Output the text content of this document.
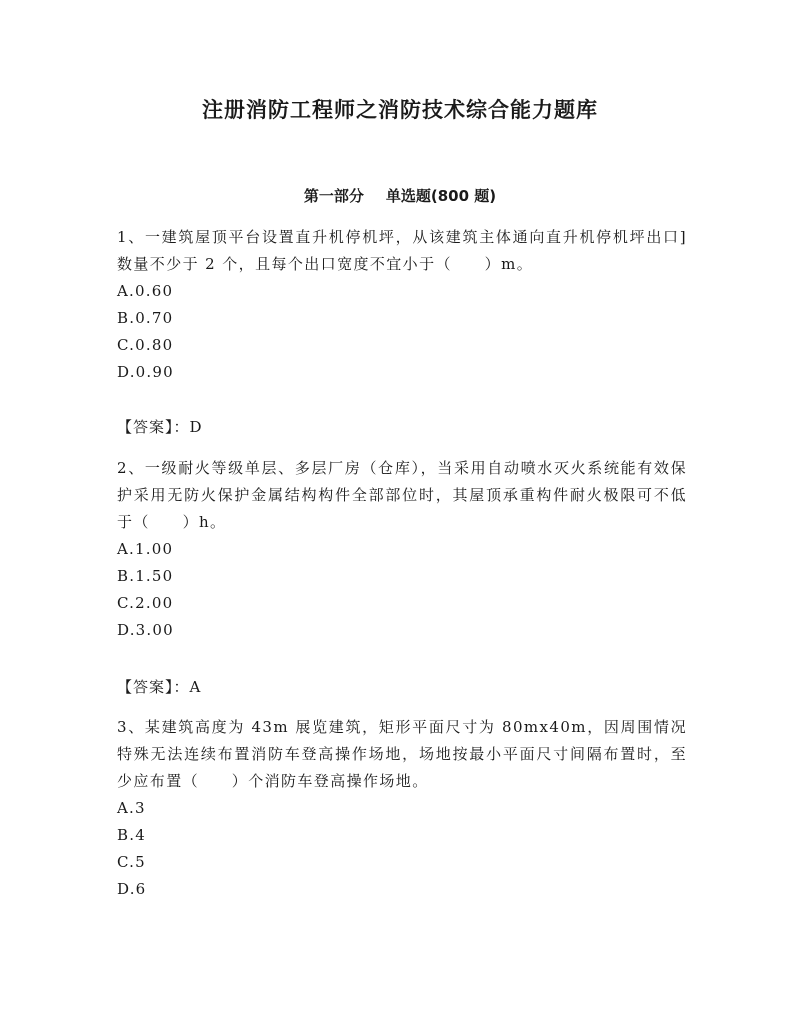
注册消防工程师之消防技术综合能力题库
第一部分 单选题(800 题)
1、一建筑屋顶平台设置直升机停机坪，从该建筑主体通向直升机停机坪出口]数量不少于 2 个，且每个出口宽度不宜小于（　　）m。
A.0.60
B.0.70
C.0.80
D.0.90
【答案】：D
2、一级耐火等级单层、多层厂房（仓库），当采用自动喷水灭火系统能有效保护采用无防火保护金属结构构件全部部位时，其屋顶承重构件耐火极限可不低于（　　）h。
A.1.00
B.1.50
C.2.00
D.3.00
【答案】：A
3、某建筑高度为 43m 展览建筑，矩形平面尺寸为 80mx40m，因周围情况特殊无法连续布置消防车登高操作场地，场地按最小平面尺寸间隔布置时，至少应布置（　　）个消防车登高操作场地。
A.3
B.4
C.5
D.6
